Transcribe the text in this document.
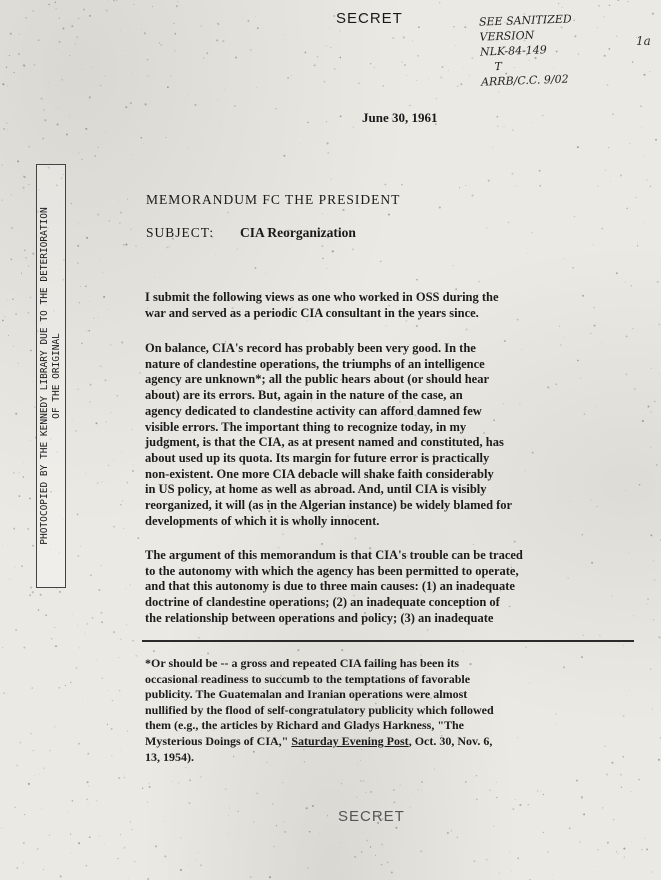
SECRET	SEE SANITIZED
VERSION
NLK-84-149
T
ARRB/C.C. 9/02
1a
June 30, 1961
PHOTOCOPIED BY THE KENNEDY LIBRARY DUE TO THE DETERIORATION OF THE ORIGINAL
MEMORANDUM FC THE PRESIDENT
SUBJECT: CIA Reorganization
I submit the following views as one who worked in OSS during the
war and served as a periodic CIA consultant in the years since.
On balance, CIA's record has probably been very good. In the
nature of clandestine operations, the triumphs of an intelligence
agency are unknown*; all the public hears about (or should hear
about) are its errors. But, again in the nature of the case, an
agency dedicated to clandestine activity can afford damned few
visible errors. The important thing to recognize today, in my
judgment, is that the CIA, as at present named and constituted, has
about used up its quota. Its margin for future error is practically
non-existent. One more CIA debacle will shake faith considerably
in US policy, at home as well as abroad. And, until CIA is visibly
reorganized, it will (as in the Algerian instance) be widely blamed for
developments of which it is wholly innocent.
The argument of this memorandum is that CIA's trouble can be traced
to the autonomy with which the agency has been permitted to operate,
and that this autonomy is due to three main causes: (1) an inadequate
doctrine of clandestine operations; (2) an inadequate conception of
the relationship between operations and policy; (3) an inadequate
*Or should be -- a gross and repeated CIA failing has been its
occasional readiness to succumb to the temptations of favorable
publicity. The Guatemalan and Iranian operations were almost
nullified by the flood of self-congratulatory publicity which followed
them (e.g., the articles by Richard and Gladys Harkness, "The
Mysterious Doings of CIA," Saturday Evening Post, Oct. 30, Nov. 6,
13, 1954).
SECRET
